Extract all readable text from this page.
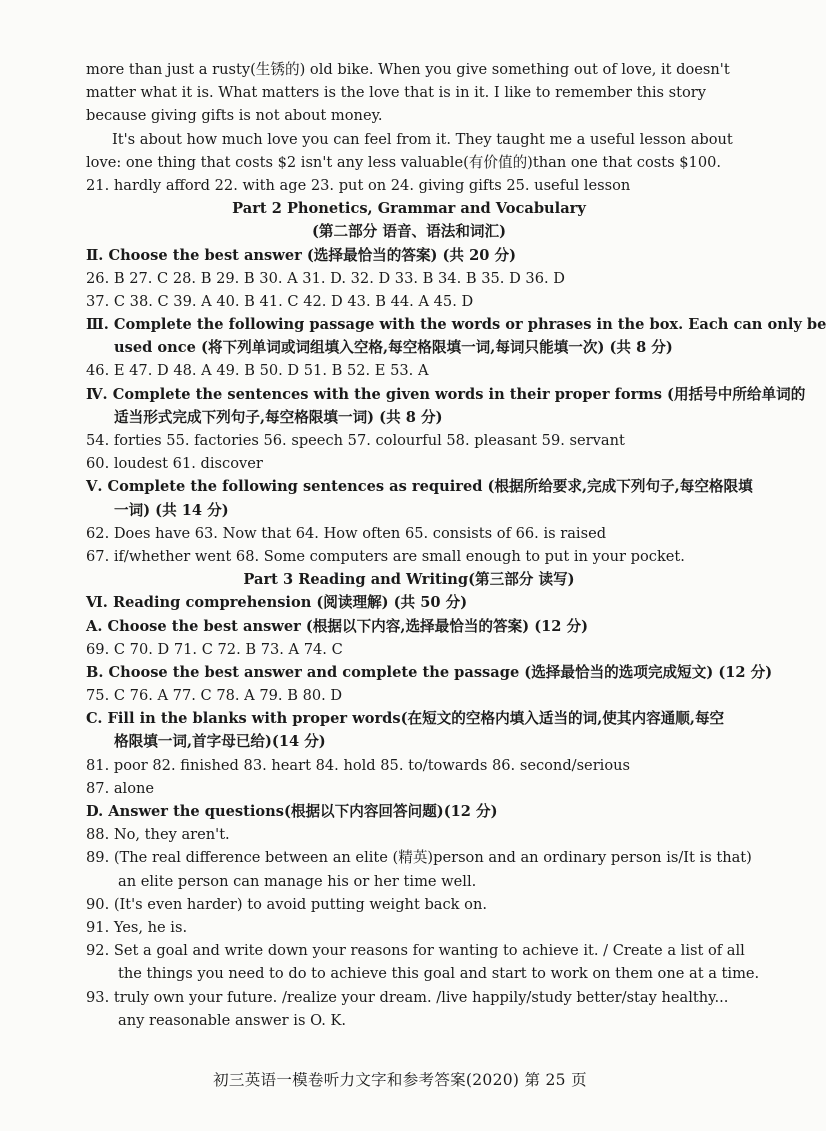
more than just a rusty(生锈的) old bike. When you give something out of love, it doesn't
matter what it is. What matters is the love that is in it. I like to remember this story
because giving gifts is not about money.
It's about how much love you can feel from it. They taught me a useful lesson about
love: one thing that costs $2 isn't any less valuable(有价值的)than one that costs $100.
21. hardly afford 22. with age 23. put on 24. giving gifts 25. useful lesson
Part 2 Phonetics, Grammar and Vocabulary
(第二部分 语音、语法和词汇)
Ⅱ. Choose the best answer (选择最恰当的答案) (共 20 分)
26. B 27. C 28. B 29. B 30. A 31. D. 32. D 33. B 34. B 35. D 36. D
37. C 38. C 39. A 40. B 41. C 42. D 43. B 44. A 45. D
Ⅲ. Complete the following passage with the words or phrases in the box. Each can only be
used once (将下列单词或词组填入空格,每空格限填一词,每词只能填一次) (共 8 分)
46. E 47. D 48. A 49. B 50. D 51. B 52. E 53. A
Ⅳ. Complete the sentences with the given words in their proper forms (用括号中所给单词的
适当形式完成下列句子,每空格限填一词) (共 8 分)
54. forties 55. factories 56. speech 57. colourful 58. pleasant 59. servant
60. loudest 61. discover
Ⅴ. Complete the following sentences as required (根据所给要求,完成下列句子,每空格限填
一词) (共 14 分)
62. Does have 63. Now that 64. How often 65. consists of 66. is raised
67. if/whether went 68. Some computers are small enough to put in your pocket.
Part 3 Reading and Writing(第三部分 读写)
Ⅵ. Reading comprehension (阅读理解) (共 50 分)
A. Choose the best answer (根据以下内容,选择最恰当的答案) (12 分)
69. C 70. D 71. C 72. B 73. A 74. C
B. Choose the best answer and complete the passage (选择最恰当的选项完成短文) (12 分)
75. C 76. A 77. C 78. A 79. B 80. D
C. Fill in the blanks with proper words(在短文的空格内填入适当的词,使其内容通顺,每空
格限填一词,首字母已给)(14 分)
81. poor 82. finished 83. heart 84. hold 85. to/towards 86. second/serious
87. alone
D. Answer the questions(根据以下内容回答问题)(12 分)
88. No, they aren't.
89. (The real difference between an elite (精英)person and an ordinary person is/It is that)
an elite person can manage his or her time well.
90. (It's even harder) to avoid putting weight back on.
91. Yes, he is.
92. Set a goal and write down your reasons for wanting to achieve it. / Create a list of all
the things you need to do to achieve this goal and start to work on them one at a time.
93. truly own your future. /realize your dream. /live happily/study better/stay healthy...
any reasonable answer is O. K.
初三英语一模卷听力文字和参考答案(2020) 第 25 页
